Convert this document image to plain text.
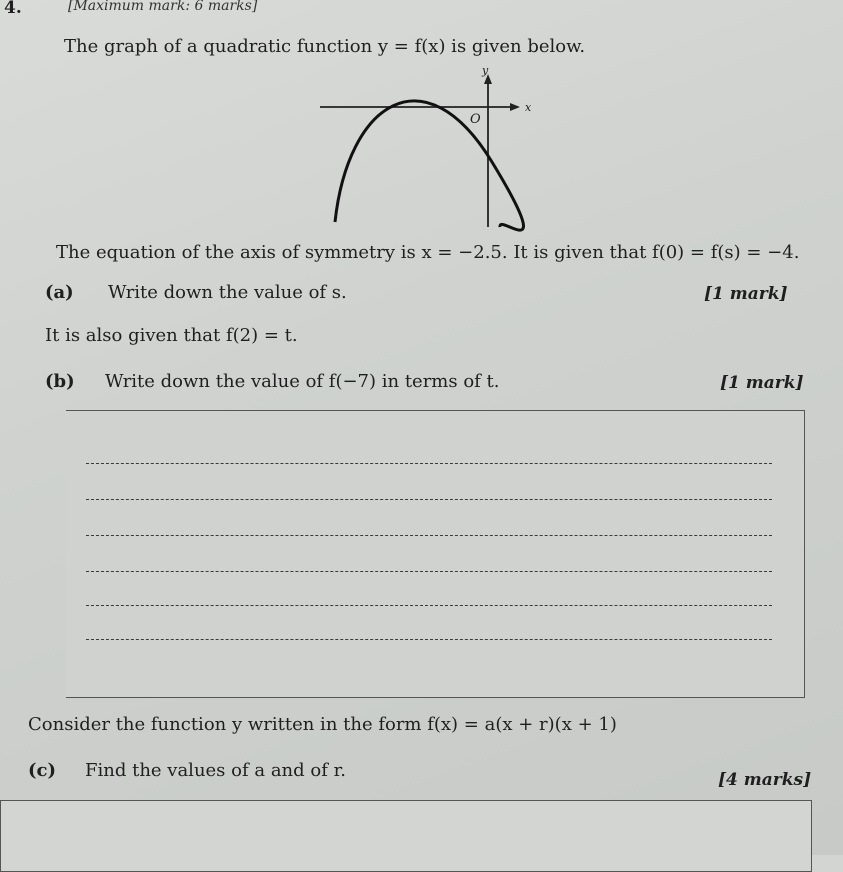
4.	[Maximum mark: 6 marks]
The graph of a quadratic function y = f(x) is given below.
y
x
O
The equation of the axis of symmetry is x = −2.5. It is given that f(0) = f(s) = −4.
(a) Write down the value of s.	[1 mark]
It is also given that f(2) = t.
(b) Write down the value of f(−7) in terms of t.	[1 mark]
Consider the function y written in the form f(x) = a(x + r)(x + 1)
(c) Find the values of a and of r.	[4 marks]
